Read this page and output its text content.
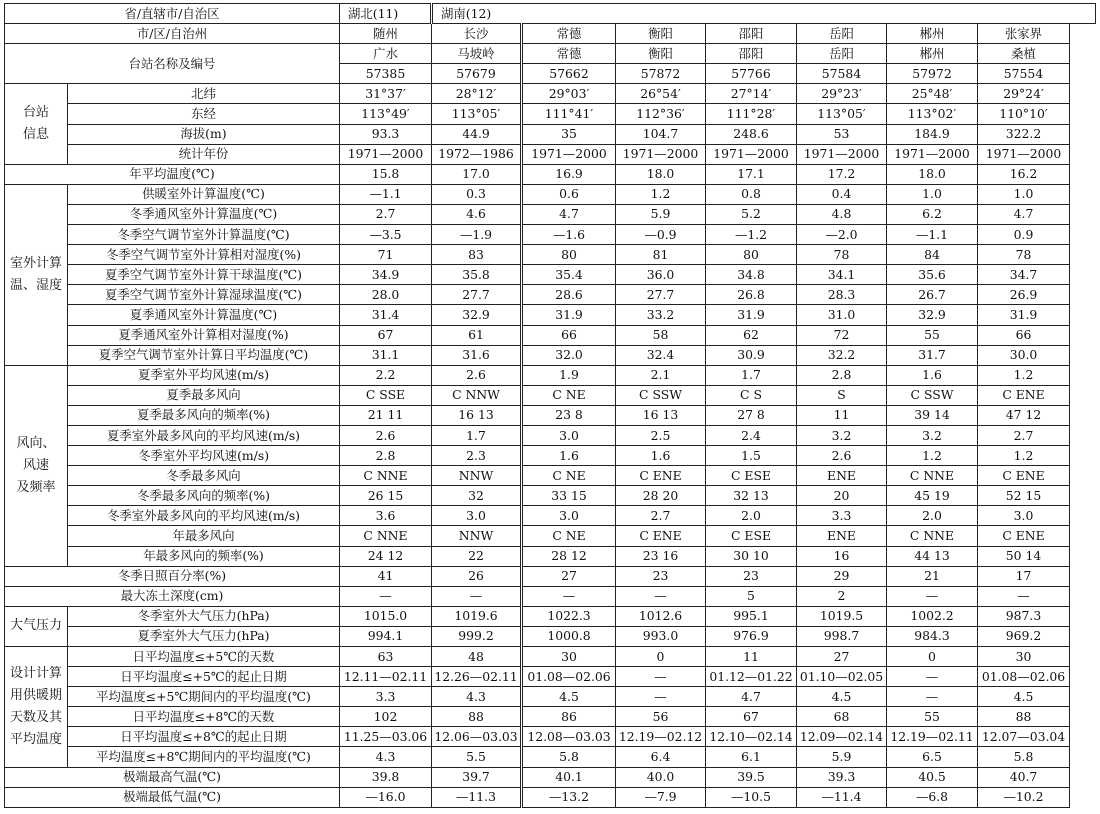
省/直辖市/自治区		湖北(11)	湖南(12)						
市/区/自治州		随州	长沙	常德	衡阳	邵阳	岳阳	郴州	张家界
台站名称及编号		广水	马坡岭	常德	衡阳	邵阳	岳阳	郴州	桑植
		57385	57679	57662	57872	57766	57584	57972	57554
台站
信息	北纬	31°37′	28°12′	29°03′	26°54′	27°14′	29°23′	25°48′	29°24′
	东经	113°49′	113°05′	111°41′	112°36′	111°28′	113°05′	113°02′	110°10′
	海拔(m)	93.3	44.9	35	104.7	248.6	53	184.9	322.2
	统计年份	1971—2000	1972—1986	1971—2000	1971—2000	1971—2000	1971—2000	1971—2000	1971—2000
年平均温度(℃)		15.8	17.0	16.9	18.0	17.1	17.2	18.0	16.2
室外计算
温、湿度	供暖室外计算温度(℃)	—1.1	0.3	0.6	1.2	0.8	0.4	1.0	1.0
	冬季通风室外计算温度(℃)	2.7	4.6	4.7	5.9	5.2	4.8	6.2	4.7
	冬季空气调节室外计算温度(℃)	—3.5	—1.9	—1.6	—0.9	—1.2	—2.0	—1.1	0.9
	冬季空气调节室外计算相对湿度(%)	71	83	80	81	80	78	84	78
	夏季空气调节室外计算干球温度(℃)	34.9	35.8	35.4	36.0	34.8	34.1	35.6	34.7
	夏季空气调节室外计算湿球温度(℃)	28.0	27.7	28.6	27.7	26.8	28.3	26.7	26.9
	夏季通风室外计算温度(℃)	31.4	32.9	31.9	33.2	31.9	31.0	32.9	31.9
	夏季通风室外计算相对湿度(%)	67	61	66	58	62	72	55	66
	夏季空气调节室外计算日平均温度(℃)	31.1	31.6	32.0	32.4	30.9	32.2	31.7	30.0
风向、
风速
及频率	夏季室外平均风速(m/s)	2.2	2.6	1.9	2.1	1.7	2.8	1.6	1.2
	夏季最多风向	C SSE	C NNW	C NE	C SSW	C S	S	C SSW	C ENE
	夏季最多风向的频率(%)	21 11	16 13	23 8	16 13	27 8	11	39 14	47 12
	夏季室外最多风向的平均风速(m/s)	2.6	1.7	3.0	2.5	2.4	3.2	3.2	2.7
	冬季室外平均风速(m/s)	2.8	2.3	1.6	1.6	1.5	2.6	1.2	1.2
	冬季最多风向	C NNE	NNW	C NE	C ENE	C ESE	ENE	C NNE	C ENE
	冬季最多风向的频率(%)	26 15	32	33 15	28 20	32 13	20	45 19	52 15
	冬季室外最多风向的平均风速(m/s)	3.6	3.0	3.0	2.7	2.0	3.3	2.0	3.0
	年最多风向	C NNE	NNW	C NE	C ENE	C ESE	ENE	C NNE	C ENE
	年最多风向的频率(%)	24 12	22	28 12	23 16	30 10	16	44 13	50 14
冬季日照百分率(%)		41	26	27	23	23	29	21	17
最大冻土深度(cm)		—	—	—	—	5	2	—	—
大气压力	冬季室外大气压力(hPa)	1015.0	1019.6	1022.3	1012.6	995.1	1019.5	1002.2	987.3
	夏季室外大气压力(hPa)	994.1	999.2	1000.8	993.0	976.9	998.7	984.3	969.2
设计计算
用供暖期
天数及其
平均温度	日平均温度≤+5℃的天数	63	48	30	0	11	27	0	30
	日平均温度≤+5℃的起止日期	12.11—02.11	12.26—02.11	01.08—02.06	—	01.12—01.22	01.10—02.05	—	01.08—02.06
	平均温度≤+5℃期间内的平均温度(℃)	3.3	4.3	4.5	—	4.7	4.5	—	4.5
	日平均温度≤+8℃的天数	102	88	86	56	67	68	55	88
	日平均温度≤+8℃的起止日期	11.25—03.06	12.06—03.03	12.08—03.03	12.19—02.12	12.10—02.14	12.09—02.14	12.19—02.11	12.07—03.04
	平均温度≤+8℃期间内的平均温度(℃)	4.3	5.5	5.8	6.4	6.1	5.9	6.5	5.8
极端最高气温(℃)		39.8	39.7	40.1	40.0	39.5	39.3	40.5	40.7
极端最低气温(℃)		—16.0	—11.3	—13.2	—7.9	—10.5	—11.4	—6.8	—10.2
